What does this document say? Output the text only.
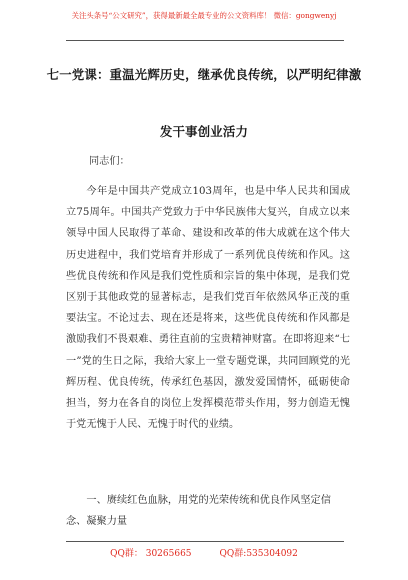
关注头条号“公文研究”，获得最新最全最专业的公文资料库！ 微信：gongwenyj
七一党课：重温光辉历史，继承优良传统，以严明纪律激
发干事创业活力
同志们：

今年是中国共产党成立103周年，也是中华人民共和国成立75周年。中国共产党致力于中华民族伟大复兴，自成立以来领导中国人民取得了革命、建设和改革的伟大成就在这个伟大历史进程中，我们党培育并形成了一系列优良传统和作风。这些优良传统和作风是我们党性质和宗旨的集中体现，是我们党区别于其他政党的显著标志，是我们党百年依然风华正茂的重要法宝。不论过去、现在还是将来，这些优良传统和作风都是激励我们不畏艰难、勇往直前的宝贵精神财富。在即将迎来“七一”党的生日之际，我给大家上一堂专题党课，共同回顾党的光辉历程、优良传统，传承红色基因，激发爱国情怀，砥砺使命担当，努力在各自的岗位上发挥模范带头作用，努力创造无愧于党无愧于人民、无愧于时代的业绩。

一、赓续红色血脉，用党的光荣传统和优良作风坚定信念、凝聚力量

QQ群： 30265665	QQ群:535304092
